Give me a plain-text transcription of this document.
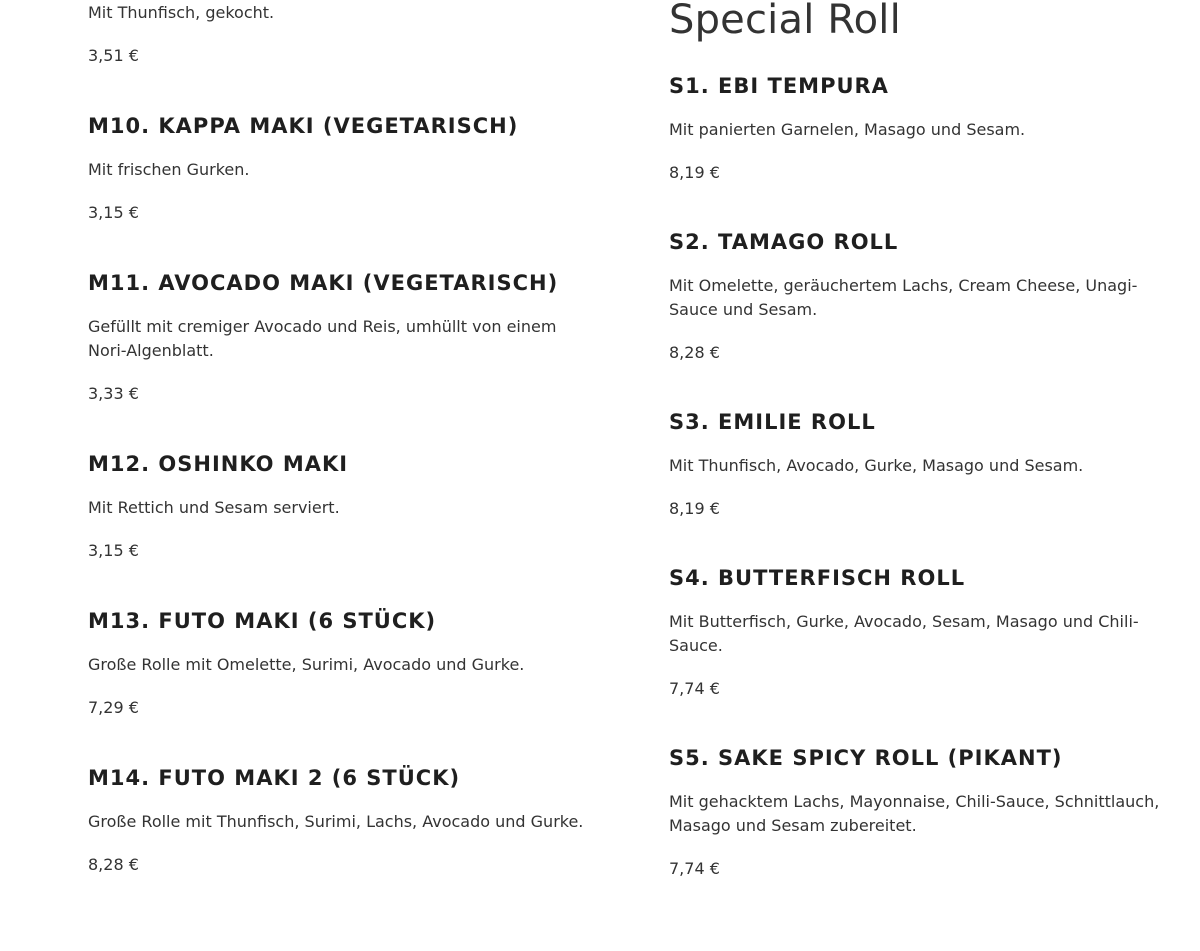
Mit Thunfisch, gekocht.
3,51 €
M10. KAPPA MAKI (VEGETARISCH)

Mit frischen Gurken.

3,15 €

M11. AVOCADO MAKI (VEGETARISCH)

Gefüllt mit cremiger Avocado und Reis, umhüllt von einem Nori-Algenblatt.

3,33 €

M12. OSHINKO MAKI

Mit Rettich und Sesam serviert.

3,15 €

M13. FUTO MAKI (6 STÜCK)

Große Rolle mit Omelette, Surimi, Avocado und Gurke.

7,29 €

M14. FUTO MAKI 2 (6 STÜCK)

Große Rolle mit Thunfisch, Surimi, Lachs, Avocado und Gurke.

8,28 €

Special Roll
S1. EBI TEMPURA

Mit panierten Garnelen, Masago und Sesam.

8,19 €

S2. TAMAGO ROLL

Mit Omelette, geräuchertem Lachs, Cream Cheese, Unagi-Sauce und Sesam.

8,28 €

S3. EMILIE ROLL

Mit Thunfisch, Avocado, Gurke, Masago und Sesam.

8,19 €

S4. BUTTERFISCH ROLL

Mit Butterfisch, Gurke, Avocado, Sesam, Masago und Chili-Sauce.

7,74 €

S5. SAKE SPICY ROLL (PIKANT)

Mit gehacktem Lachs, Mayonnaise, Chili-Sauce, Schnittlauch, Masago und Sesam zubereitet.

7,74 €
